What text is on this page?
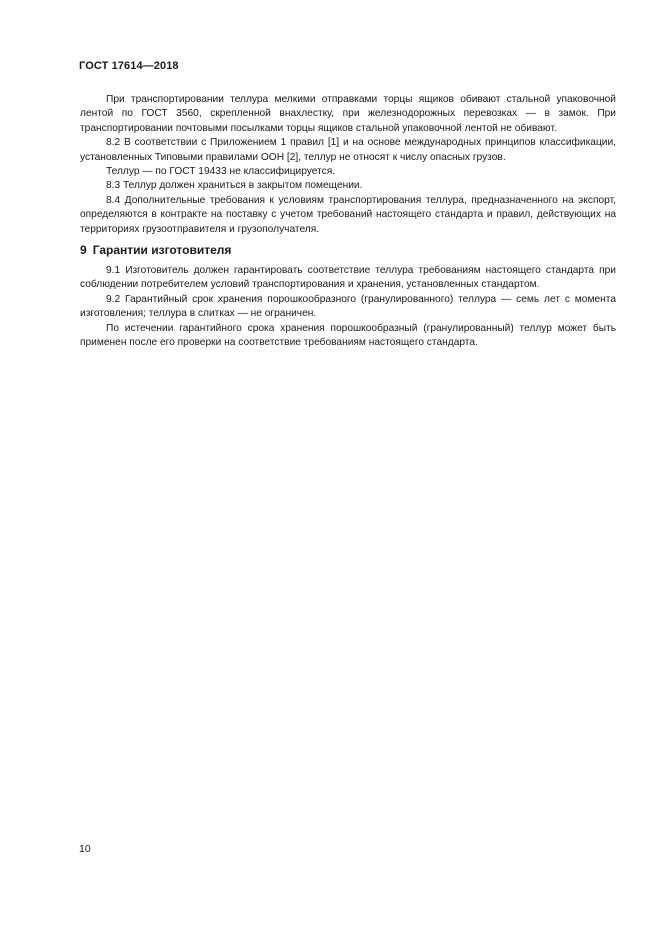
ГОСТ 17614—2018

При транспортировании теллура мелкими отправками торцы ящиков обивают стальной упаковочной лентой по ГОСТ 3560, скрепленной внахлестку, при железнодорожных перевозках — в замок. При транспортировании почтовыми посылками торцы ящиков стальной упаковочной лентой не обивают.

8.2 В соответствии с Приложением 1 правил [1] и на основе международных принципов классификации, установленных Типовыми правилами ООН [2], теллур не относят к числу опасных грузов.

Теллур — по ГОСТ 19433 не классифицируется.

8.3 Теллур должен храниться в закрытом помещении.

8.4 Дополнительные требования к условиям транспортирования теллура, предназначенного на экспорт, определяются в контракте на поставку с учетом требований настоящего стандарта и правил, действующих на территориях грузоотправителя и грузополучателя.

9 Гарантии изготовителя

9.1 Изготовитель должен гарантировать соответствие теллура требованиям настоящего стандарта при соблюдении потребителем условий транспортирования и хранения, установленных стандартом.

9.2 Гарантийный срок хранения порошкообразного (гранулированного) теллура — семь лет с момента изготовления; теллура в слитках — не ограничен.

По истечении гарантийного срока хранения порошкообразный (гранулированный) теллур может быть применен после его проверки на соответствие требованиям настоящего стандарта.

10
